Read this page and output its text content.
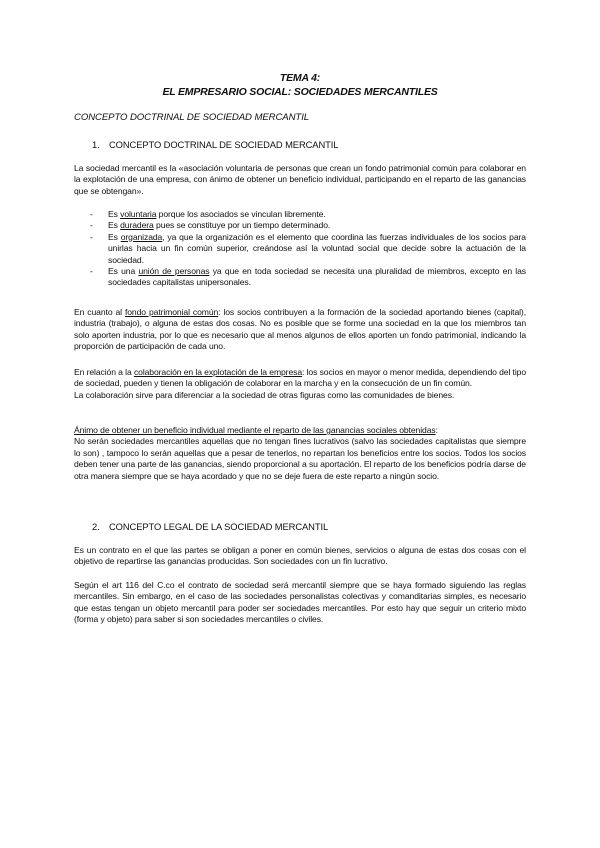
TEMA 4:
EL EMPRESARIO SOCIAL: SOCIEDADES MERCANTILES
CONCEPTO DOCTRINAL DE SOCIEDAD MERCANTIL
1. CONCEPTO DOCTRINAL DE SOCIEDAD MERCANTIL
La sociedad mercantil es la «asociación voluntaria de personas que crean un fondo patrimonial común para colaborar en la explotación de una empresa, con ánimo de obtener un beneficio individual, participando en el reparto de las ganancias que se obtengan».
- Es voluntaria porque los asociados se vinculan libremente.
- Es duradera pues se constituye por un tiempo determinado.
- Es organizada, ya que la organización es el elemento que coordina las fuerzas individuales de los socios para unirlas hacia un fin común superior, creándose así la voluntad social que decide sobre la actuación de la sociedad.
- Es una unión de personas ya que en toda sociedad se necesita una pluralidad de miembros, excepto en las sociedades capitalistas unipersonales.
En cuanto al fondo patrimonial común: los socios contribuyen a la formación de la sociedad aportando bienes (capital), industria (trabajo), o alguna de estas dos cosas. No es posible que se forme una sociedad en la que los miembros tan solo aporten industria, por lo que es necesario que al menos algunos de ellos aporten un fondo patrimonial, indicando la proporción de participación de cada uno.
En relación a la colaboración en la explotación de la empresa: los socios en mayor o menor medida, dependiendo del tipo de sociedad, pueden y tienen la obligación de colaborar en la marcha y en la consecución de un fin común.
La colaboración sirve para diferenciar a la sociedad de otras figuras como las comunidades de bienes.
Ánimo de obtener un beneficio individual mediante el reparto de las ganancias sociales obtenidas:
No serán sociedades mercantiles aquellas que no tengan fines lucrativos (salvo las sociedades capitalistas que siempre lo son) , tampoco lo serán aquellas que a pesar de tenerlos, no repartan los beneficios entre los socios. Todos los socios deben tener una parte de las ganancias, siendo proporcional a su aportación. El reparto de los beneficios podría darse de otra manera siempre que se haya acordado y que no se deje fuera de este reparto a ningún socio.
2. CONCEPTO LEGAL DE LA SOCIEDAD MERCANTIL
Es un contrato en el que las partes se obligan a poner en común bienes, servicios o alguna de estas dos cosas con el objetivo de repartirse las ganancias producidas. Son sociedades con un fin lucrativo.
Según el art 116 del C.co el contrato de sociedad será mercantil siempre que se haya formado siguiendo las reglas mercantiles. Sin embargo, en el caso de las sociedades personalistas colectivas y comanditarias simples, es necesario que estas tengan un objeto mercantil para poder ser sociedades mercantiles. Por esto hay que seguir un criterio mixto (forma y objeto) para saber si son sociedades mercantiles o civiles.
